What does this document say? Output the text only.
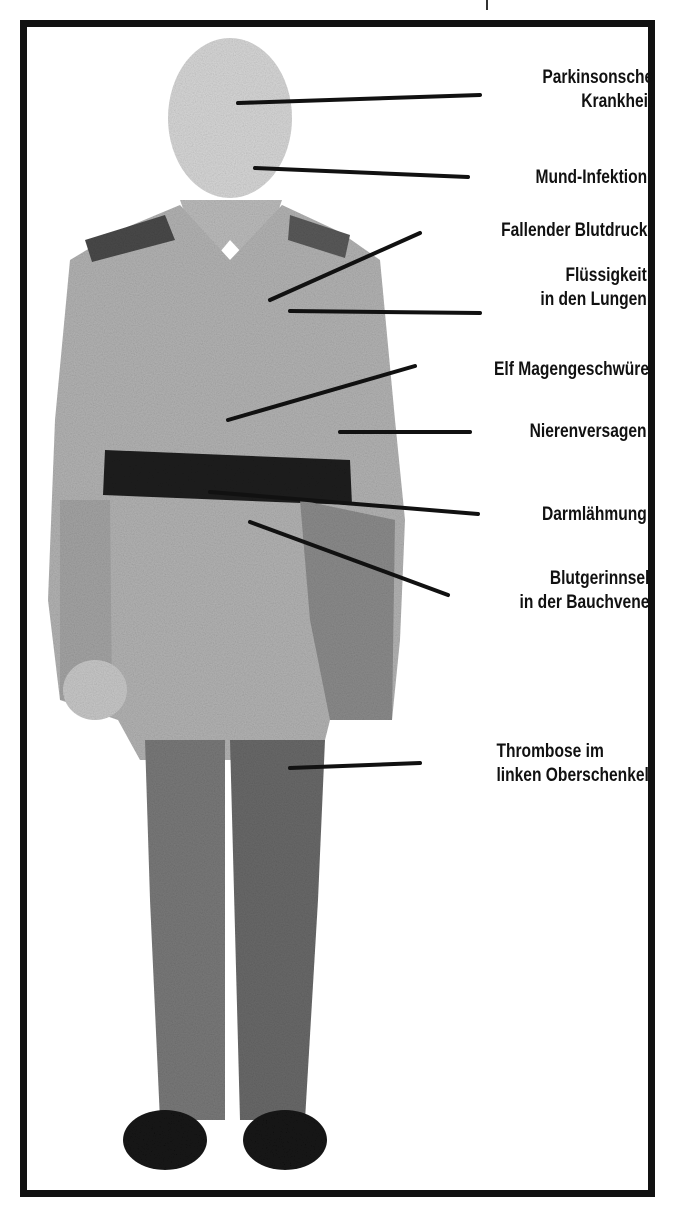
Parkinsonsche
Krankheit
Mund-Infektion
Fallender Blutdruck
Flüssigkeit
in den Lungen
Elf Magengeschwüre
Nierenversagen
Darmlähmung
Blutgerinnsel
in der Bauchvene
Thrombose im
linken Oberschenkel
